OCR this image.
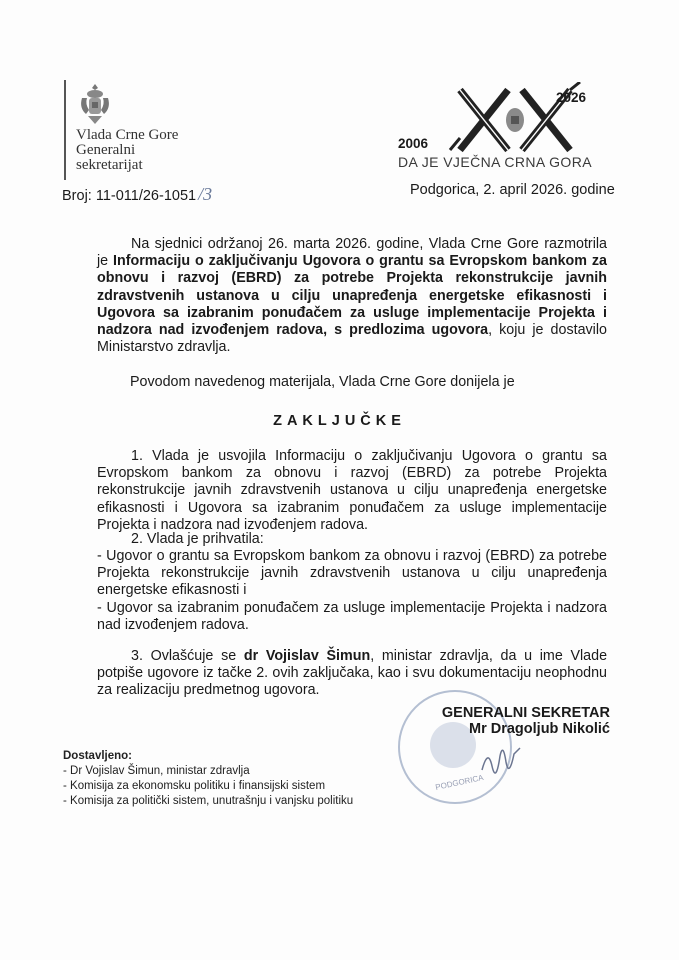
Vlada Crne Gore
Generalni
sekretarijat
Broj: 11-011/26-1051 /3
2026
2006
DA JE VJEČNA CRNA GORA
Podgorica, 2. april 2026. godine
Na sjednici održanoj 26. marta 2026. godine, Vlada Crne Gore razmotrila je Informaciju o zaključivanju Ugovora o grantu sa Evropskom bankom za obnovu i razvoj (EBRD) za potrebe Projekta rekonstrukcije javnih zdravstvenih ustanova u cilju unapređenja energetske efikasnosti i Ugovora sa izabranim ponuđačem za usluge implementacije Projekta i nadzora nad izvođenjem radova, s predlozima ugovora, koju je dostavilo Ministarstvo zdravlja.
Povodom navedenog materijala, Vlada Crne Gore donijela je
ZAKLJUČKE
1. Vlada je usvojila Informaciju o zaključivanju Ugovora o grantu sa Evropskom bankom za obnovu i razvoj (EBRD) za potrebe Projekta rekonstrukcije javnih zdravstvenih ustanova u cilju unapređenja energetske efikasnosti i Ugovora sa izabranim ponuđačem za usluge implementacije Projekta i nadzora nad izvođenjem radova.
2. Vlada je prihvatila:
- Ugovor o grantu sa Evropskom bankom za obnovu i razvoj (EBRD) za potrebe Projekta rekonstrukcije javnih zdravstvenih ustanova u cilju unapređenja energetske efikasnosti i
- Ugovor sa izabranim ponuđačem za usluge implementacije Projekta i nadzora nad izvođenjem radova.
3. Ovlašćuje se dr Vojislav Šimun, ministar zdravlja, da u ime Vlade potpiše ugovore iz tačke 2. ovih zaključaka, kao i svu dokumentaciju neophodnu za realizaciju predmetnog ugovora.
PODGORICA
GENERALNI SEKRETAR
Mr Dragoljub Nikolić
Dostavljeno:
- Dr Vojislav Šimun, ministar zdravlja
- Komisija za ekonomsku politiku i finansijski sistem
- Komisija za politički sistem, unutrašnju i vanjsku politiku
